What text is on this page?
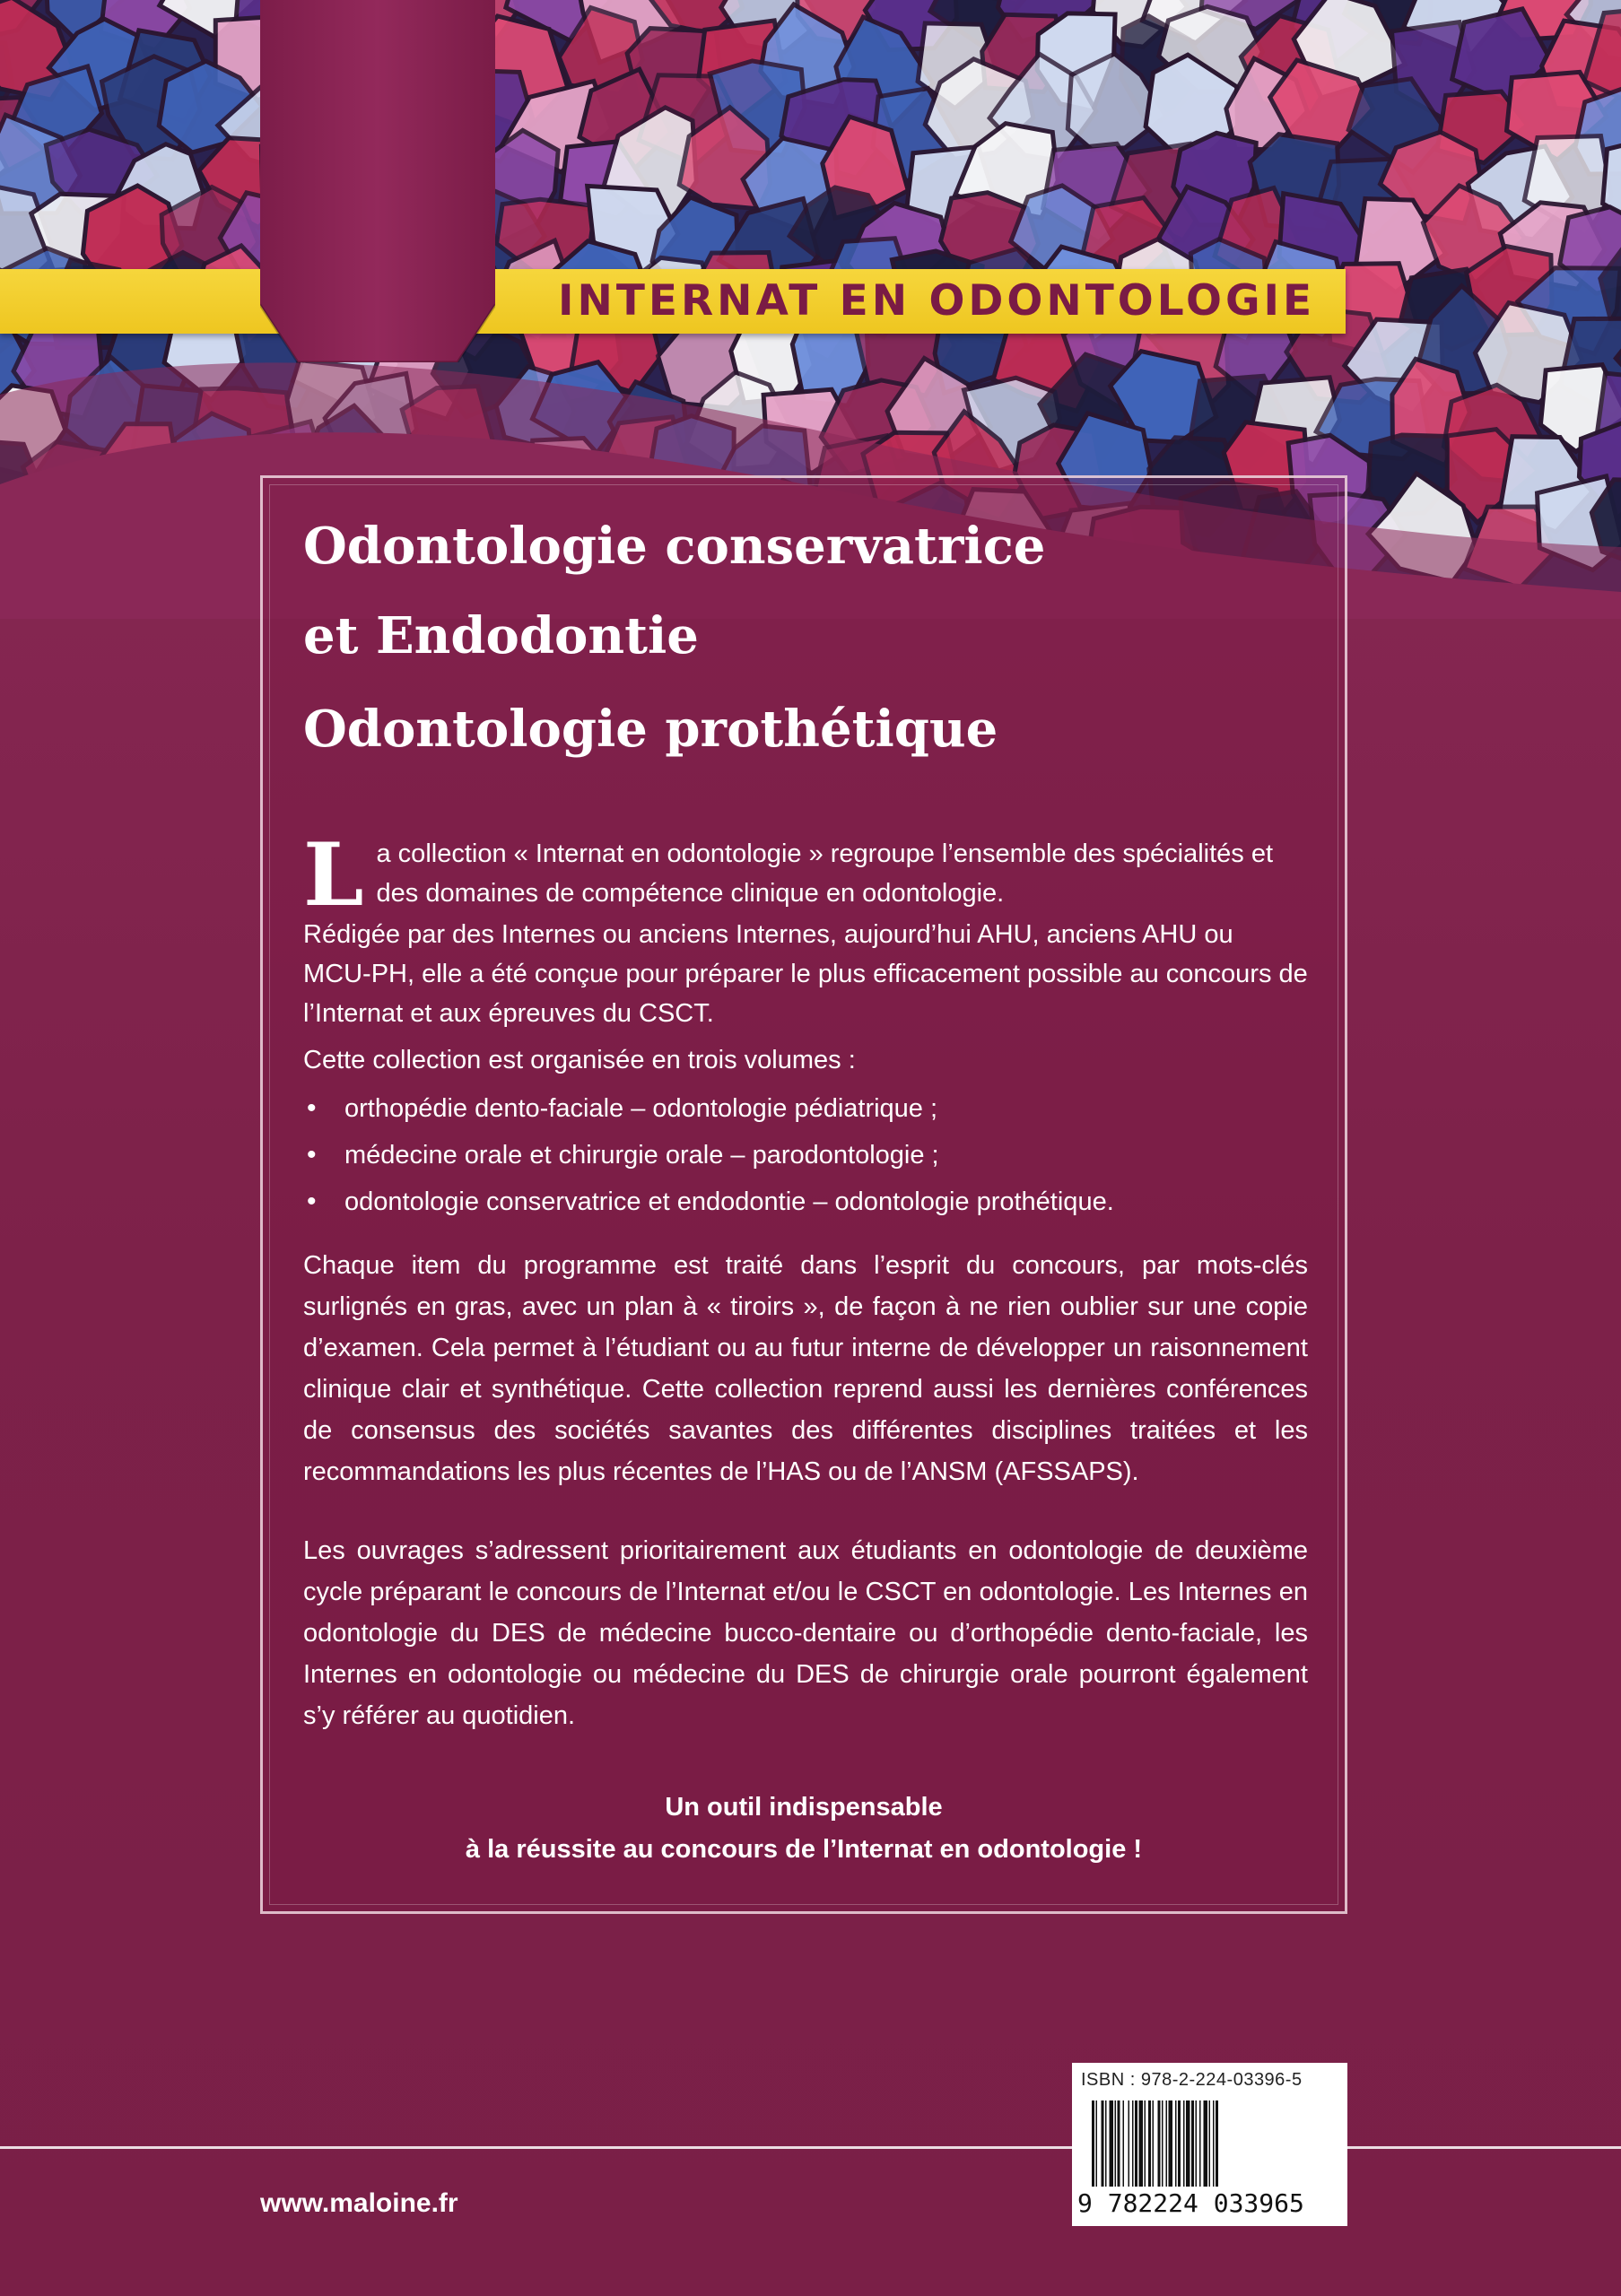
INTERNAT EN ODONTOLOGIE
Odontologie conservatrice
et Endodontie
Odontologie prothétique
L a collection « Internat en odontologie » regroupe l’ensemble des spécialités et des domaines de compétence clinique en odontologie.
Rédigée par des Internes ou anciens Internes, aujourd’hui AHU, anciens AHU ou MCU-PH, elle a été conçue pour préparer le plus efficacement possible au concours de l’Internat et aux épreuves du CSCT.
Cette collection est organisée en trois volumes :
• orthopédie dento-faciale – odontologie pédiatrique ;
• médecine orale et chirurgie orale – parodontologie ;
• odontologie conservatrice et endodontie – odontologie prothétique.
Chaque item du programme est traité dans l’esprit du concours, par mots-clés surlignés en gras, avec un plan à « tiroirs », de façon à ne rien oublier sur une copie d’examen. Cela permet à l’étudiant ou au futur interne de développer un raisonnement clinique clair et synthétique. Cette collection reprend aussi les dernières conférences de consensus des sociétés savantes des différentes disciplines traitées et les recommandations les plus récentes de l’HAS ou de l’ANSM (AFSSAPS).
Les ouvrages s’adressent prioritairement aux étudiants en odontologie de deuxième cycle préparant le concours de l’Internat et/ou le CSCT en odontologie. Les Internes en odontologie du DES de médecine bucco-dentaire ou d’orthopédie dento-faciale, les Internes en odontologie ou médecine du DES de chirurgie orale pourront également s’y référer au quotidien.
Un outil indispensable
à la réussite au concours de l’Internat en odontologie !
www.maloine.fr
ISBN : 978-2-224-03396-5
9 782224 033965
